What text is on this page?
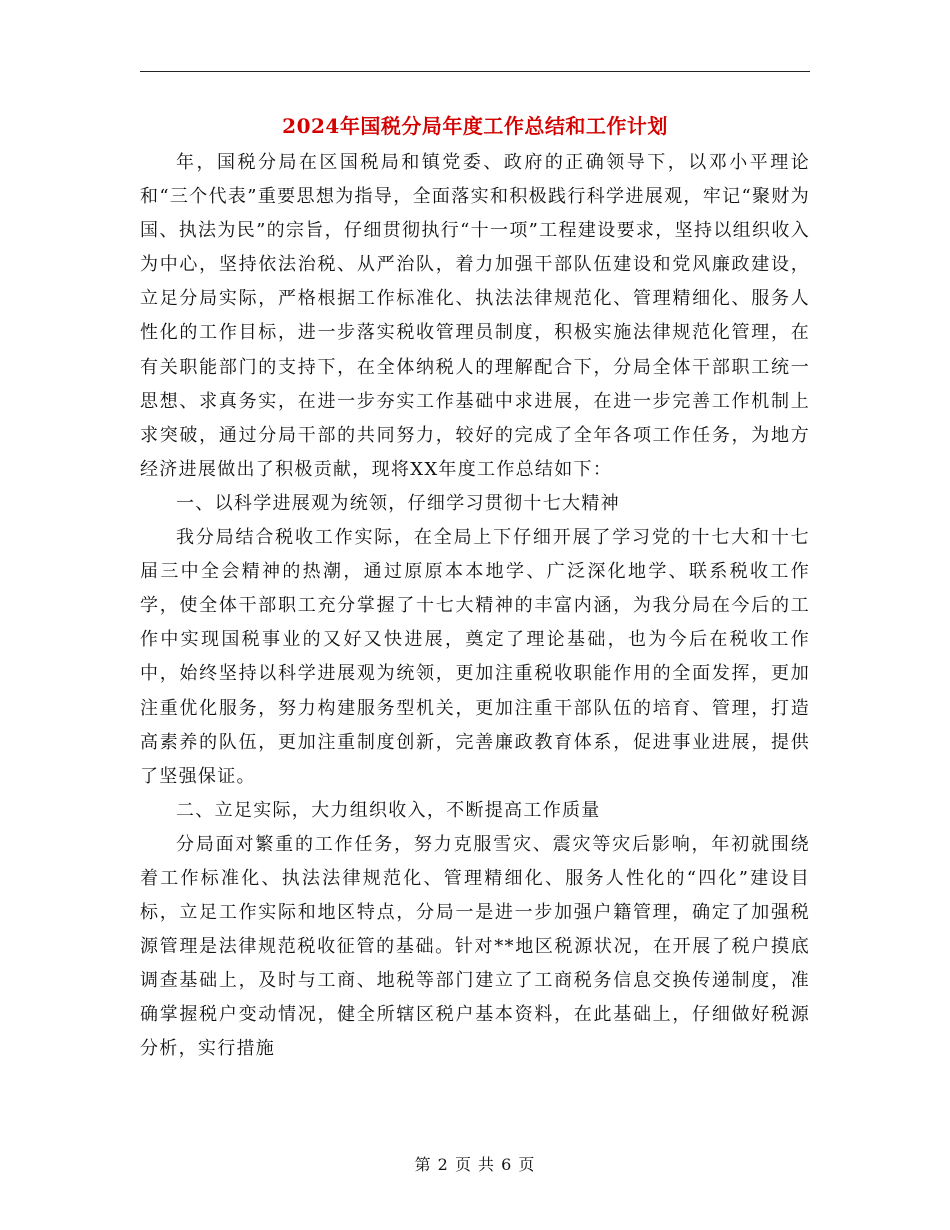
2024年国税分局年度工作总结和工作计划

年，国税分局在区国税局和镇党委、政府的正确领导下，以邓小平理论和“三个代表”重要思想为指导，全面落实和积极践行科学进展观，牢记“聚财为国、执法为民”的宗旨，仔细贯彻执行“十一项”工程建设要求，坚持以组织收入为中心，坚持依法治税、从严治队，着力加强干部队伍建设和党风廉政建设，立足分局实际，严格根据工作标准化、执法法律规范化、管理精细化、服务人性化的工作目标，进一步落实税收管理员制度，积极实施法律规范化管理，在有关职能部门的支持下，在全体纳税人的理解配合下，分局全体干部职工统一思想、求真务实，在进一步夯实工作基础中求进展，在进一步完善工作机制上求突破，通过分局干部的共同努力，较好的完成了全年各项工作任务，为地方经济进展做出了积极贡献，现将XX年度工作总结如下：

一、以科学进展观为统领，仔细学习贯彻十七大精神

我分局结合税收工作实际，在全局上下仔细开展了学习党的十七大和十七届三中全会精神的热潮，通过原原本本地学、广泛深化地学、联系税收工作学，使全体干部职工充分掌握了十七大精神的丰富内涵，为我分局在今后的工作中实现国税事业的又好又快进展，奠定了理论基础，也为今后在税收工作中，始终坚持以科学进展观为统领，更加注重税收职能作用的全面发挥，更加注重优化服务，努力构建服务型机关，更加注重干部队伍的培育、管理，打造高素养的队伍，更加注重制度创新，完善廉政教育体系，促进事业进展，提供了坚强保证。

二、立足实际，大力组织收入，不断提高工作质量

分局面对繁重的工作任务，努力克服雪灾、震灾等灾后影响，年初就围绕着工作标准化、执法法律规范化、管理精细化、服务人性化的“四化”建设目标，立足工作实际和地区特点，分局一是进一步加强户籍管理，确定了加强税源管理是法律规范税收征管的基础。针对**地区税源状况，在开展了税户摸底调查基础上，及时与工商、地税等部门建立了工商税务信息交换传递制度，准确掌握税户变动情况，健全所辖区税户基本资料，在此基础上，仔细做好税源分析，实行措施

第 2 页 共 6 页
